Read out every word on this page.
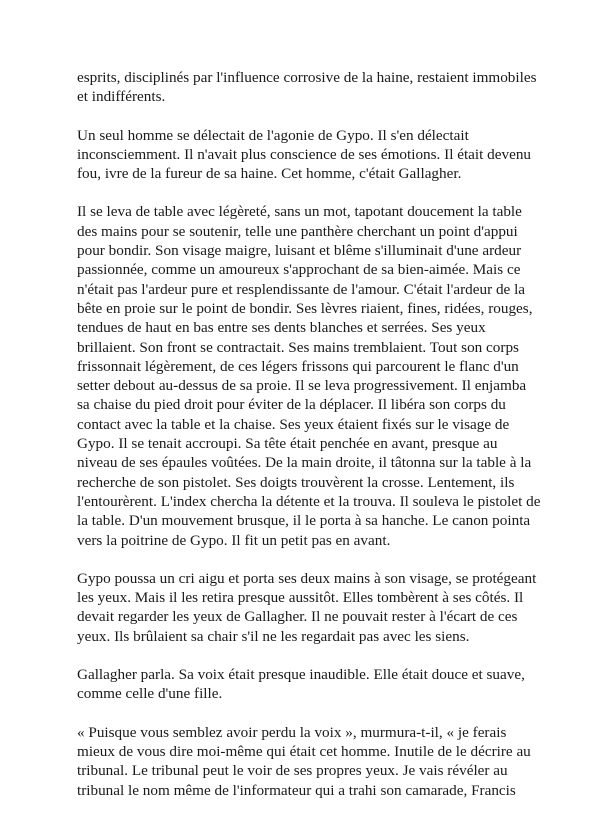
esprits, disciplinés par l'influence corrosive de la haine, restaient immobiles
et indifférents.

Un seul homme se délectait de l'agonie de Gypo. Il s'en délectait
inconsciemment. Il n'avait plus conscience de ses émotions. Il était devenu
fou, ivre de la fureur de sa haine. Cet homme, c'était Gallagher.

Il se leva de table avec légèreté, sans un mot, tapotant doucement la table
des mains pour se soutenir, telle une panthère cherchant un point d'appui
pour bondir. Son visage maigre, luisant et blême s'illuminait d'une ardeur
passionnée, comme un amoureux s'approchant de sa bien-aimée. Mais ce
n'était pas l'ardeur pure et resplendissante de l'amour. C'était l'ardeur de la
bête en proie sur le point de bondir. Ses lèvres riaient, fines, ridées, rouges,
tendues de haut en bas entre ses dents blanches et serrées. Ses yeux
brillaient. Son front se contractait. Ses mains tremblaient. Tout son corps
frissonnait légèrement, de ces légers frissons qui parcourent le flanc d'un
setter debout au-dessus de sa proie. Il se leva progressivement. Il enjamba
sa chaise du pied droit pour éviter de la déplacer. Il libéra son corps du
contact avec la table et la chaise. Ses yeux étaient fixés sur le visage de
Gypo. Il se tenait accroupi. Sa tête était penchée en avant, presque au
niveau de ses épaules voûtées. De la main droite, il tâtonna sur la table à la
recherche de son pistolet. Ses doigts trouvèrent la crosse. Lentement, ils
l'entourèrent. L'index chercha la détente et la trouva. Il souleva le pistolet de
la table. D'un mouvement brusque, il le porta à sa hanche. Le canon pointa
vers la poitrine de Gypo. Il fit un petit pas en avant.

Gypo poussa un cri aigu et porta ses deux mains à son visage, se protégeant
les yeux. Mais il les retira presque aussitôt. Elles tombèrent à ses côtés. Il
devait regarder les yeux de Gallagher. Il ne pouvait rester à l'écart de ces
yeux. Ils brûlaient sa chair s'il ne les regardait pas avec les siens.

Gallagher parla. Sa voix était presque inaudible. Elle était douce et suave,
comme celle d'une fille.

« Puisque vous semblez avoir perdu la voix », murmura-t-il, « je ferais
mieux de vous dire moi-même qui était cet homme. Inutile de le décrire au
tribunal. Le tribunal peut le voir de ses propres yeux. Je vais révéler au
tribunal le nom même de l'informateur qui a trahi son camarade, Francis
